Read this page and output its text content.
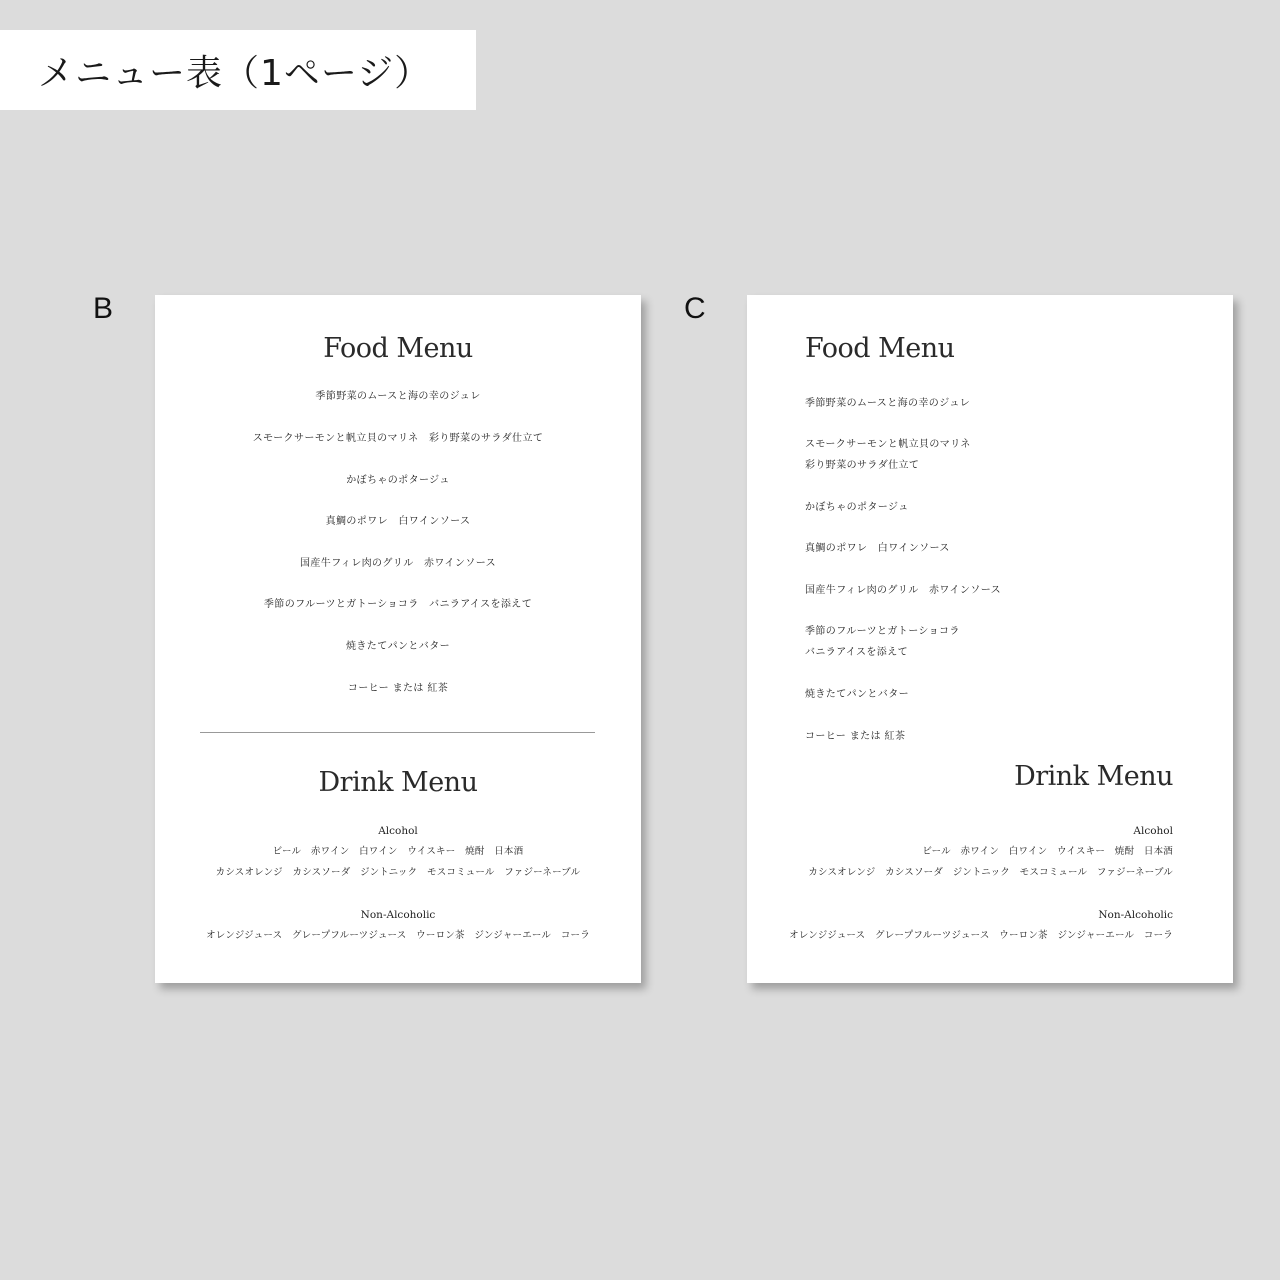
メニュー表（1ページ）
B	C
Food Menu
季節野菜のムースと海の幸のジュレ
スモークサーモンと帆立貝のマリネ　彩り野菜のサラダ仕立て
かぼちゃのポタージュ
真鯛のポワレ　白ワインソース
国産牛フィレ肉のグリル　赤ワインソース
季節のフルーツとガトーショコラ　バニラアイスを添えて
焼きたてパンとバター
コーヒー または 紅茶
Drink Menu
Alcohol
ビール　赤ワイン　白ワイン　ウイスキー　焼酎　日本酒
カシスオレンジ　カシスソーダ　ジントニック　モスコミュール　ファジーネーブル
Non-Alcoholic
オレンジジュース　グレープフルーツジュース　ウーロン茶　ジンジャーエール　コーラ
Food Menu
季節野菜のムースと海の幸のジュレ
スモークサーモンと帆立貝のマリネ
彩り野菜のサラダ仕立て
かぼちゃのポタージュ
真鯛のポワレ　白ワインソース
国産牛フィレ肉のグリル　赤ワインソース
季節のフルーツとガトーショコラ
バニラアイスを添えて
焼きたてパンとバター
コーヒー または 紅茶
Drink Menu
Alcohol
ビール　赤ワイン　白ワイン　ウイスキー　焼酎　日本酒
カシスオレンジ　カシスソーダ　ジントニック　モスコミュール　ファジーネーブル
Non-Alcoholic
オレンジジュース　グレープフルーツジュース　ウーロン茶　ジンジャーエール　コーラ
